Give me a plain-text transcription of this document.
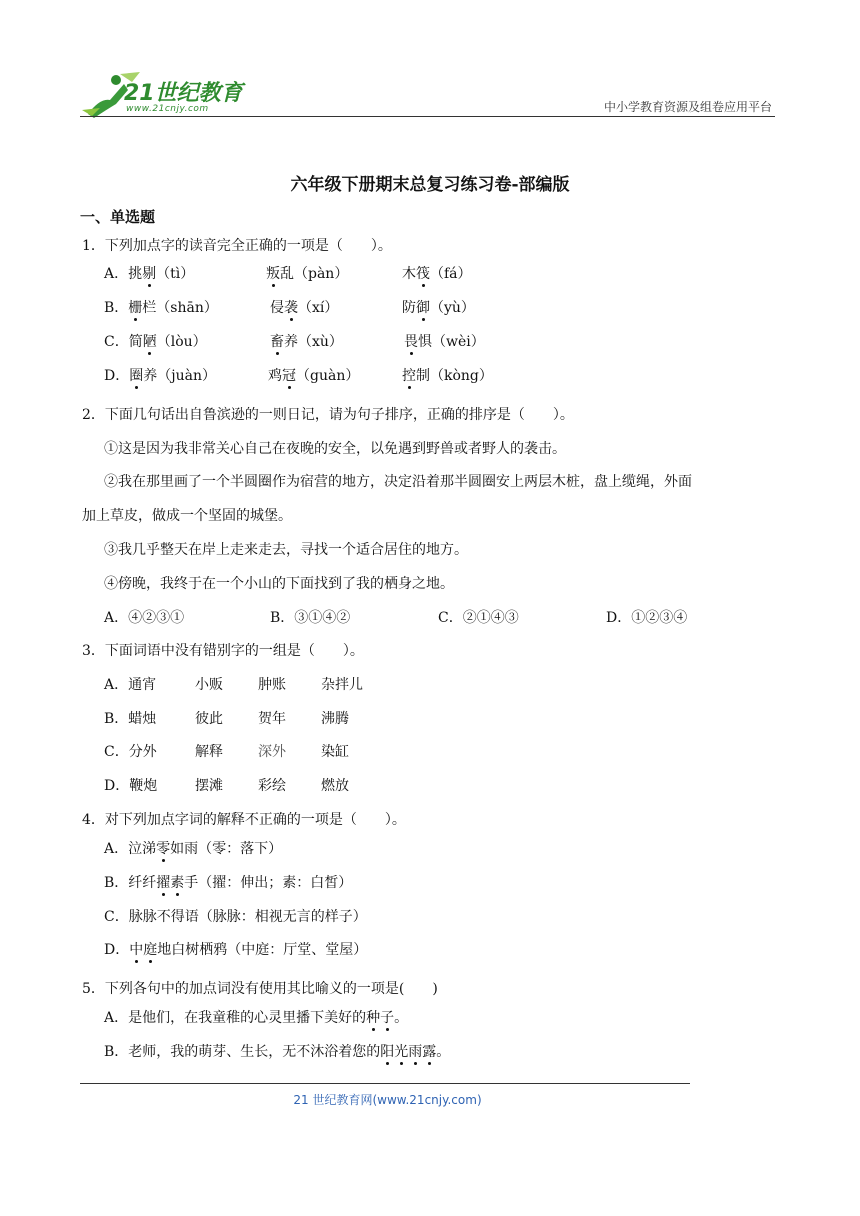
21世纪教育
www.21cnjy.com	中小学教育资源及组卷应用平台
六年级下册期末总复习练习卷-部编版
一、单选题
1．下列加点字的读音完全正确的一项是（　　）。
A．挑剔（tì）	叛乱（pàn）	木筏（fá）
B．栅栏（shān）	侵袭（xí）	防御（yù）
C．简陋（lòu）	畜养（xù）	畏惧（wèi）
D．圈养（juàn）	鸡冠（guàn）	控制（kòng）
2．下面几句话出自鲁滨逊的一则日记，请为句子排序，正确的排序是（　　）。
①这是因为我非常关心自己在夜晚的安全，以免遇到野兽或者野人的袭击。
②我在那里画了一个半圆圈作为宿营的地方，决定沿着那半圆圈安上两层木桩，盘上缆绳，外面
加上草皮，做成一个坚固的城堡。
③我几乎整天在岸上走来走去，寻找一个适合居住的地方。
④傍晚，我终于在一个小山的下面找到了我的栖身之地。
A．④②③①	B．③①④②	C．②①④③	D．①②③④
3．下面词语中没有错别字的一组是（　　）。
A．通宵	小贩	肿账	杂拌儿
B．蜡烛	彼此	贺年	沸腾
C．分外	解释	深外	染缸
D．鞭炮	摆滩	彩绘	燃放
4．对下列加点字词的解释不正确的一项是（　　）。
A．泣涕零如雨（零：落下）
B．纤纤擢素手（擢：伸出；素：白皙）
C．脉脉不得语（脉脉：相视无言的样子）
D．中庭地白树栖鸦（中庭：厅堂、堂屋）
5．下列各句中的加点词没有使用其比喻义的一项是(　　)
A．是他们，在我童稚的心灵里播下美好的种子。
B．老师，我的萌芽、生长，无不沐浴着您的阳光雨露。
21 世纪教育网(www.21cnjy.com)
